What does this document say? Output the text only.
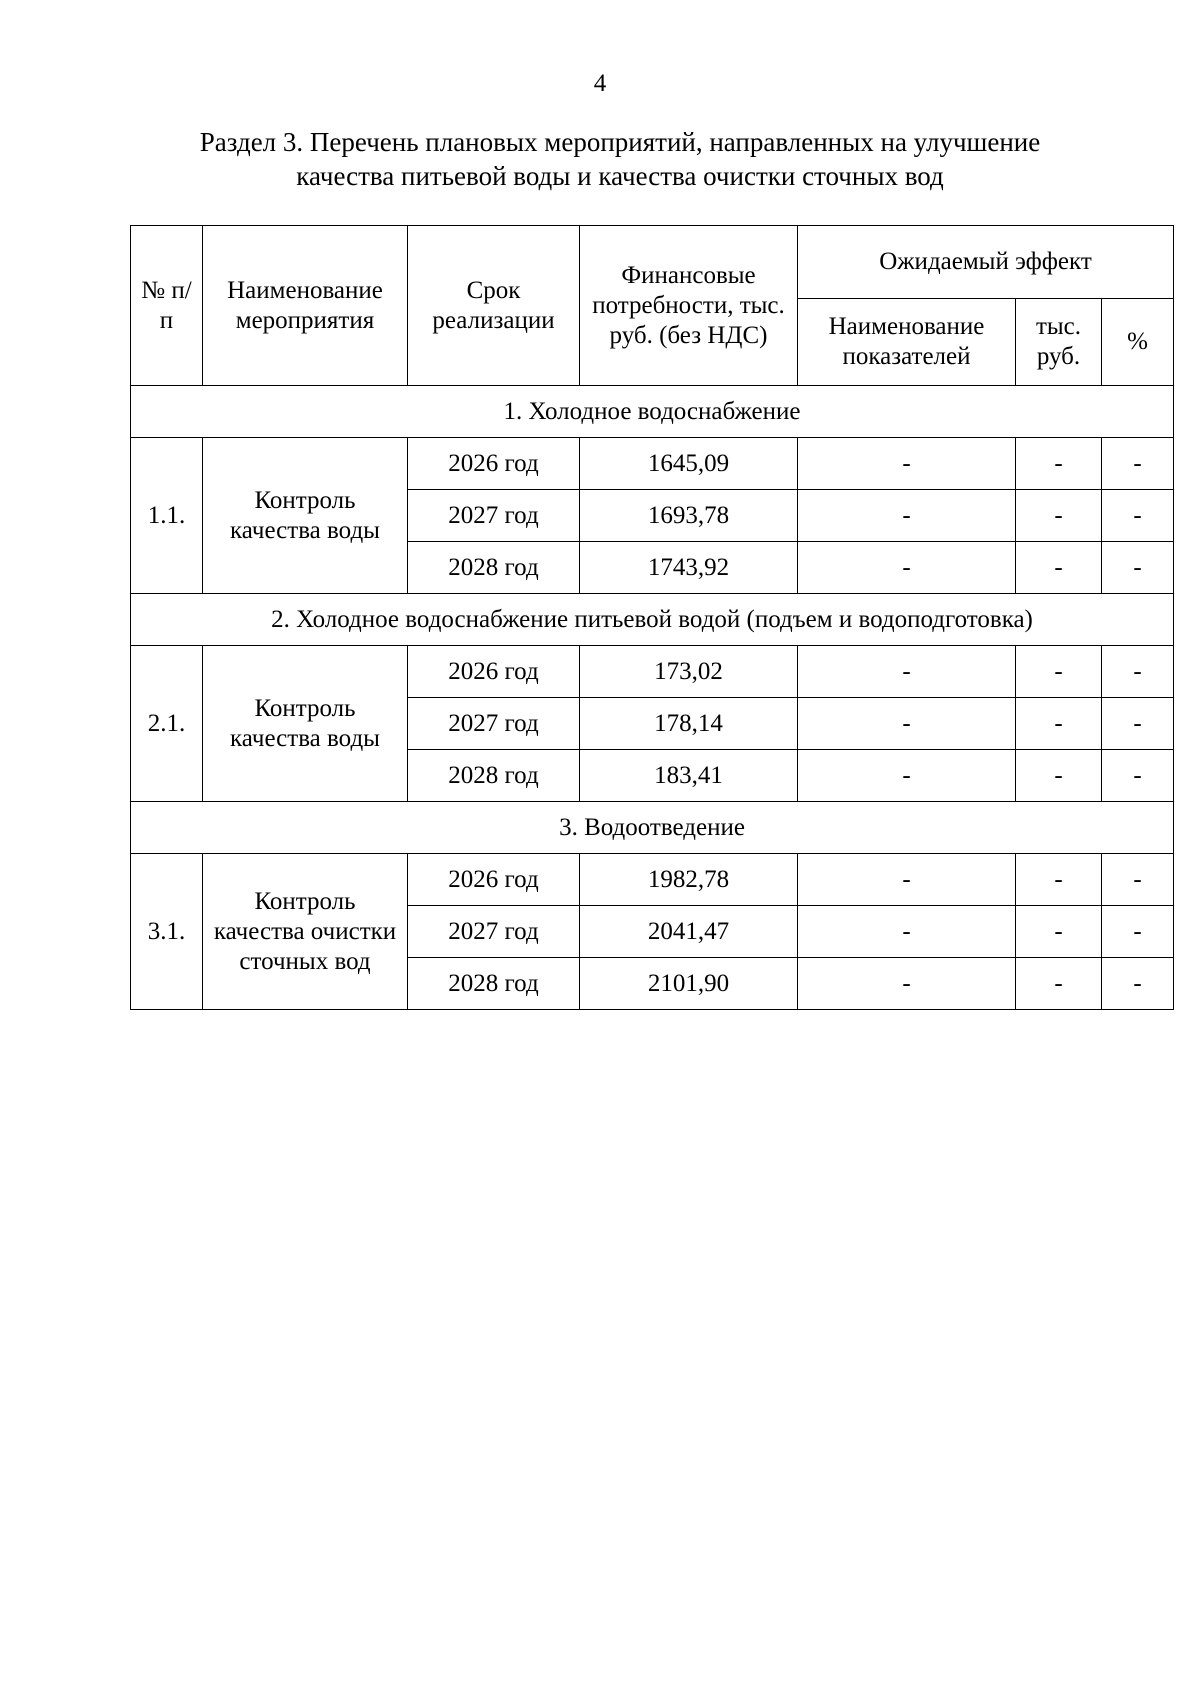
4
Раздел 3. Перечень плановых мероприятий, направленных на улучшение
качества питьевой воды и качества очистки сточных вод
№ п/п	Наименование мероприятия	Срок реализации	Финансовые потребности, тыс. руб. (без НДС)	Ожидаемый эффект		
				Наименование показателей	тыс. руб.	%
1. Холодное водоснабжение						
1.1.	Контроль качества воды	2026 год	1645,09	-	-	-
		2027 год	1693,78	-	-	-
		2028 год	1743,92	-	-	-
2. Холодное водоснабжение питьевой водой (подъем и водоподготовка)						
2.1.	Контроль качества воды	2026 год	173,02	-	-	-
		2027 год	178,14	-	-	-
		2028 год	183,41	-	-	-
3. Водоотведение						
3.1.	Контроль качества очистки сточных вод	2026 год	1982,78	-	-	-
		2027 год	2041,47	-	-	-
		2028 год	2101,90	-	-	-
